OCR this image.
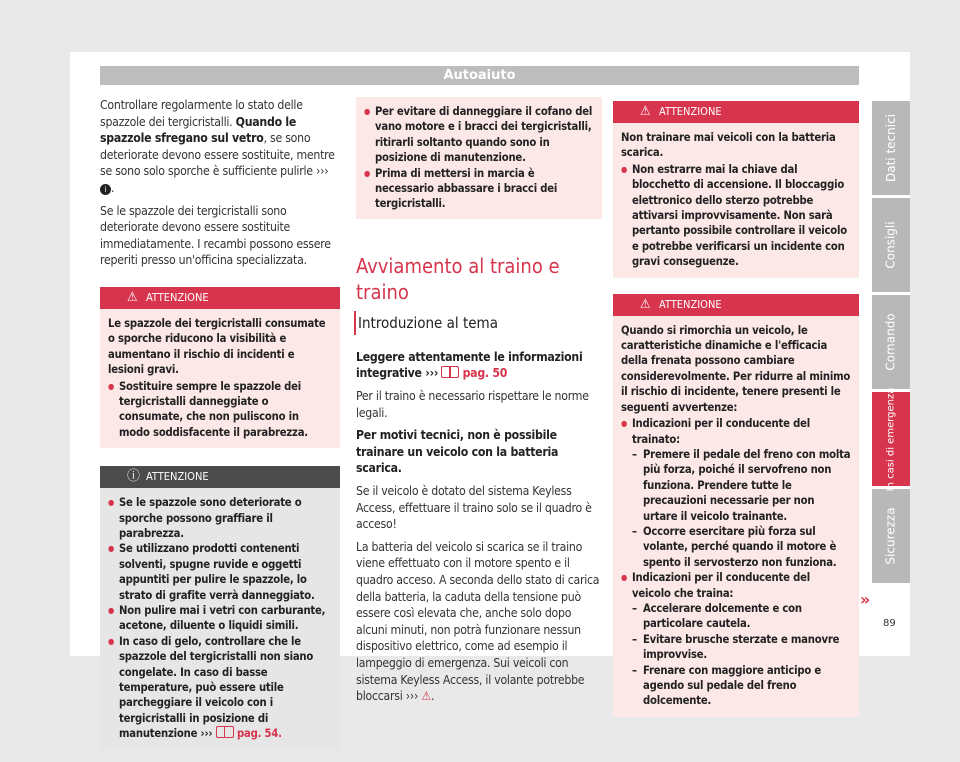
Autoaiuto

Controllare regolarmente lo stato delle spazzole dei tergicristalli. Quando le spazzole sfregano sul vetro, se sono deteriorate devono essere sostituite, mentre se sono solo sporche è sufficiente pulirle ››› i .

Se le spazzole dei tergicristalli sono deteriorate devono essere sostituite immediatamente. I recambi possono essere reperiti presso un'officina specializzata.

⚠ ATTENZIONE
Le spazzole dei tergicristalli consumate o sporche riducono la visibilità e aumentano il rischio di incidenti e lesioni gravi.
● Sostituire sempre le spazzole dei tergicristalli danneggiate o consumate, che non puliscono in modo soddisfacente il parabrezza.
ⓘ ATTENZIONE
● Se le spazzole sono deteriorate o sporche possono graffiare il parabrezza.
● Se utilizzano prodotti contenenti solventi, spugne ruvide e oggetti appuntiti per pulire le spazzole, lo strato di grafite verrà danneggiato.
● Non pulire mai i vetri con carburante, acetone, diluente o liquidi simili.
● In caso di gelo, controllare che le spazzole del tergicristalli non siano congelate. In caso di basse temperature, può essere utile parcheggiare il veicolo con i tergicristalli in posizione di manutenzione ››› pag. 54.
● Per evitare di danneggiare il cofano del vano motore e i bracci dei tergicristalli, ritirarli soltanto quando sono in posizione di manutenzione.
● Prima di mettersi in marcia è necessario abbassare i bracci dei tergicristalli.
Avviamento al traino e traino
Introduzione al tema

Leggere attentamente le informazioni integrative ››› pag. 50

Per il traino è necessario rispettare le norme legali.

Per motivi tecnici, non è possibile trainare un veicolo con la batteria scarica.

Se il veicolo è dotato del sistema Keyless Access, effettuare il traino solo se il quadro è acceso!

La batteria del veicolo si scarica se il traino viene effettuato con il motore spento e il quadro acceso. A seconda dello stato di carica della batteria, la caduta della tensione può essere così elevata che, anche solo dopo alcuni minuti, non potrà funzionare nessun dispositivo elettrico, come ad esempio il lampeggio di emergenza. Sui veicoli con sistema Keyless Access, il volante potrebbe bloccarsi ››› ⚠.

⚠ ATTENZIONE
Non trainare mai veicoli con la batteria scarica.
● Non estrarre mai la chiave dal blocchetto di accensione. Il bloccaggio elettronico dello sterzo potrebbe attivarsi improvvisamente. Non sarà pertanto possibile controllare il veicolo e potrebbe verificarsi un incidente con gravi conseguenze.
⚠ ATTENZIONE
Quando si rimorchia un veicolo, le caratteristiche dinamiche e l'efficacia della frenata possono cambiare considerevolmente. Per ridurre al minimo il rischio di incidente, tenere presenti le seguenti avvertenze:
● Indicazioni per il conducente del trainato:
– Premere il pedale del freno con molta più forza, poiché il servofreno non funziona. Prendere tutte le precauzioni necessarie per non urtare il veicolo trainante.
– Occorre esercitare più forza sul volante, perché quando il motore è spento il servosterzo non funziona.
● Indicazioni per il conducente del veicolo che traina:
– Accelerare dolcemente e con particolare cautela.
– Evitare brusche sterzate e manovre improvvise.
– Frenare con maggiore anticipo e agendo sul pedale del freno dolcemente.
»
Dati tecnici
Consigli
Comando
In casi di emergenza
Sicurezza
89
